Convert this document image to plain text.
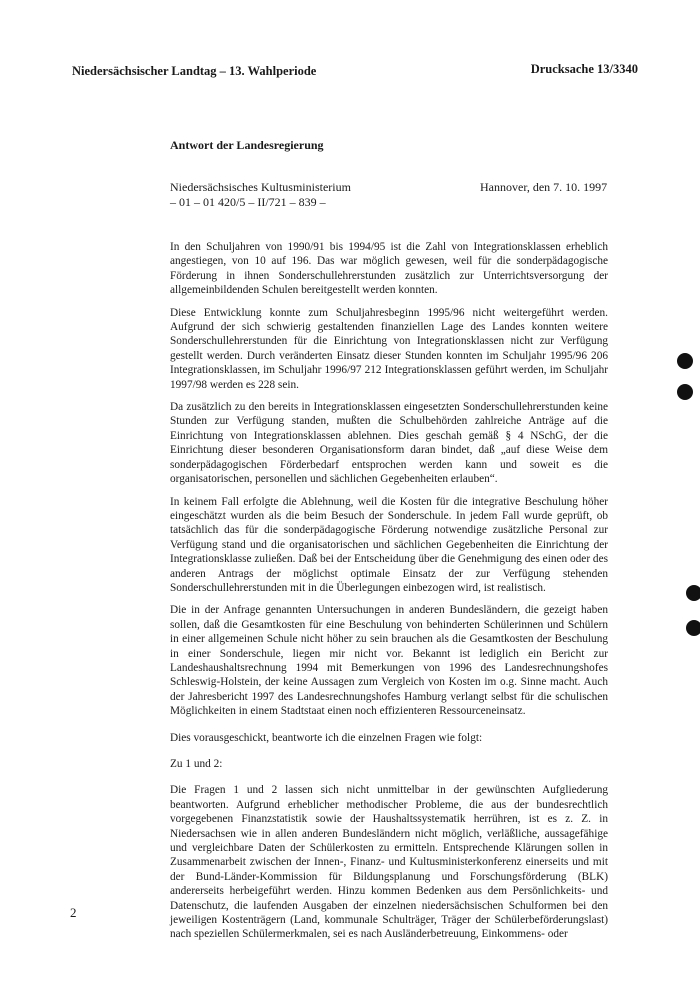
Niedersächsischer Landtag – 13. Wahlperiode	Drucksache 13/3340
Antwort der Landesregierung
Niedersächsisches Kultusministerium
– 01 – 01 420/5 – II/721 – 839 –
Hannover, den 7. 10. 1997

In den Schuljahren von 1990/91 bis 1994/95 ist die Zahl von Integrationsklassen erheblich angestiegen, von 10 auf 196. Das war möglich gewesen, weil für die sonderpädagogische Förderung in ihnen Sonderschullehrerstunden zusätzlich zur Unterrichtsversorgung der allgemeinbildenden Schulen bereitgestellt werden konnten.

Diese Entwicklung konnte zum Schuljahresbeginn 1995/96 nicht weitergeführt werden. Aufgrund der sich schwierig gestaltenden finanziellen Lage des Landes konnten weitere Sonderschullehrerstunden für die Einrichtung von Integrationsklassen nicht zur Verfügung gestellt werden. Durch veränderten Einsatz dieser Stunden konnten im Schuljahr 1995/96 206 Integrationsklassen, im Schuljahr 1996/97 212 Integrationsklassen geführt werden, im Schuljahr 1997/98 werden es 228 sein.

Da zusätzlich zu den bereits in Integrationsklassen eingesetzten Sonderschullehrerstunden keine Stunden zur Verfügung standen, mußten die Schulbehörden zahlreiche Anträge auf die Einrichtung von Integrationsklassen ablehnen. Dies geschah gemäß § 4 NSchG, der die Einrichtung dieser besonderen Organisationsform daran bindet, daß „auf diese Weise dem sonderpädagogischen Förderbedarf entsprochen werden kann und soweit es die organisatorischen, personellen und sächlichen Gegebenheiten erlauben“.

In keinem Fall erfolgte die Ablehnung, weil die Kosten für die integrative Beschulung höher eingeschätzt wurden als die beim Besuch der Sonderschule. In jedem Fall wurde geprüft, ob tatsächlich das für die sonderpädagogische Förderung notwendige zusätzliche Personal zur Verfügung stand und die organisatorischen und sächlichen Gegebenheiten die Einrichtung der Integrationsklasse zuließen. Daß bei der Entscheidung über die Genehmigung des einen oder des anderen Antrags der möglichst optimale Einsatz der zur Verfügung stehenden Sonderschullehrerstunden mit in die Überlegungen einbezogen wird, ist realistisch.

Die in der Anfrage genannten Untersuchungen in anderen Bundesländern, die gezeigt haben sollen, daß die Gesamtkosten für eine Beschulung von behinderten Schülerinnen und Schülern in einer allgemeinen Schule nicht höher zu sein brauchen als die Gesamtkosten der Beschulung in einer Sonderschule, liegen mir nicht vor. Bekannt ist lediglich ein Bericht zur Landeshaushaltsrechnung 1994 mit Bemerkungen von 1996 des Landesrechnungshofes Schleswig-Holstein, der keine Aussagen zum Vergleich von Kosten im o.g. Sinne macht. Auch der Jahresbericht 1997 des Landesrechnungshofes Hamburg verlangt selbst für die schulischen Möglichkeiten in einem Stadtstaat einen noch effizienteren Ressourceneinsatz.

Dies vorausgeschickt, beantworte ich die einzelnen Fragen wie folgt:

Zu 1 und 2:

Die Fragen 1 und 2 lassen sich nicht unmittelbar in der gewünschten Aufgliederung beantworten. Aufgrund erheblicher methodischer Probleme, die aus der bundesrechtlich vorgegebenen Finanzstatistik sowie der Haushaltssystematik herrühren, ist es z. Z. in Niedersachsen wie in allen anderen Bundesländern nicht möglich, verläßliche, aussagefähige und vergleichbare Daten der Schülerkosten zu ermitteln. Entsprechende Klärungen sollen in Zusammenarbeit zwischen der Innen-, Finanz- und Kultusministerkonferenz einerseits und mit der Bund-Länder-Kommission für Bildungsplanung und Forschungsförderung (BLK) andererseits herbeigeführt werden. Hinzu kommen Bedenken aus dem Persönlichkeits- und Datenschutz, die laufenden Ausgaben der einzelnen niedersächsischen Schulformen bei den jeweiligen Kostenträgern (Land, kommunale Schulträger, Träger der Schülerbeförderungslast) nach speziellen Schülermerkmalen, sei es nach Ausländerbetreuung, Einkommens- oder

2
